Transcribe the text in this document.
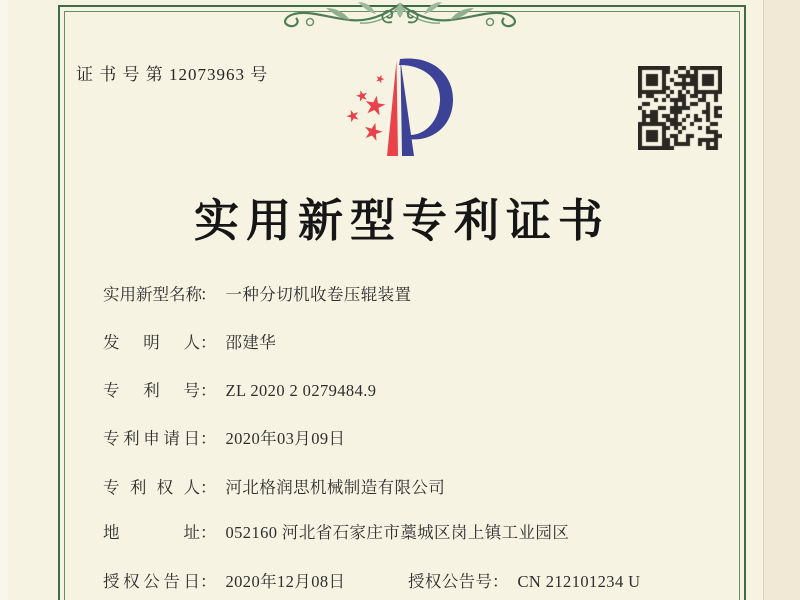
证 书 号 第 12073963 号
实用新型专利证书
实用新型名称
： 一种分切机收卷压辊装置
发明人 ： 邵建华
专利号 ： ZL 2020 2 0279484.9
专利申请日 ： 2020年03月09日
专利权人 ： 河北格润思机械制造有限公司
地址 ： 052160 河北省石家庄市藁城区岗上镇工业园区
授权公告日 ： 2020年12月08日	授权公告号 ： CN 212101234 U
